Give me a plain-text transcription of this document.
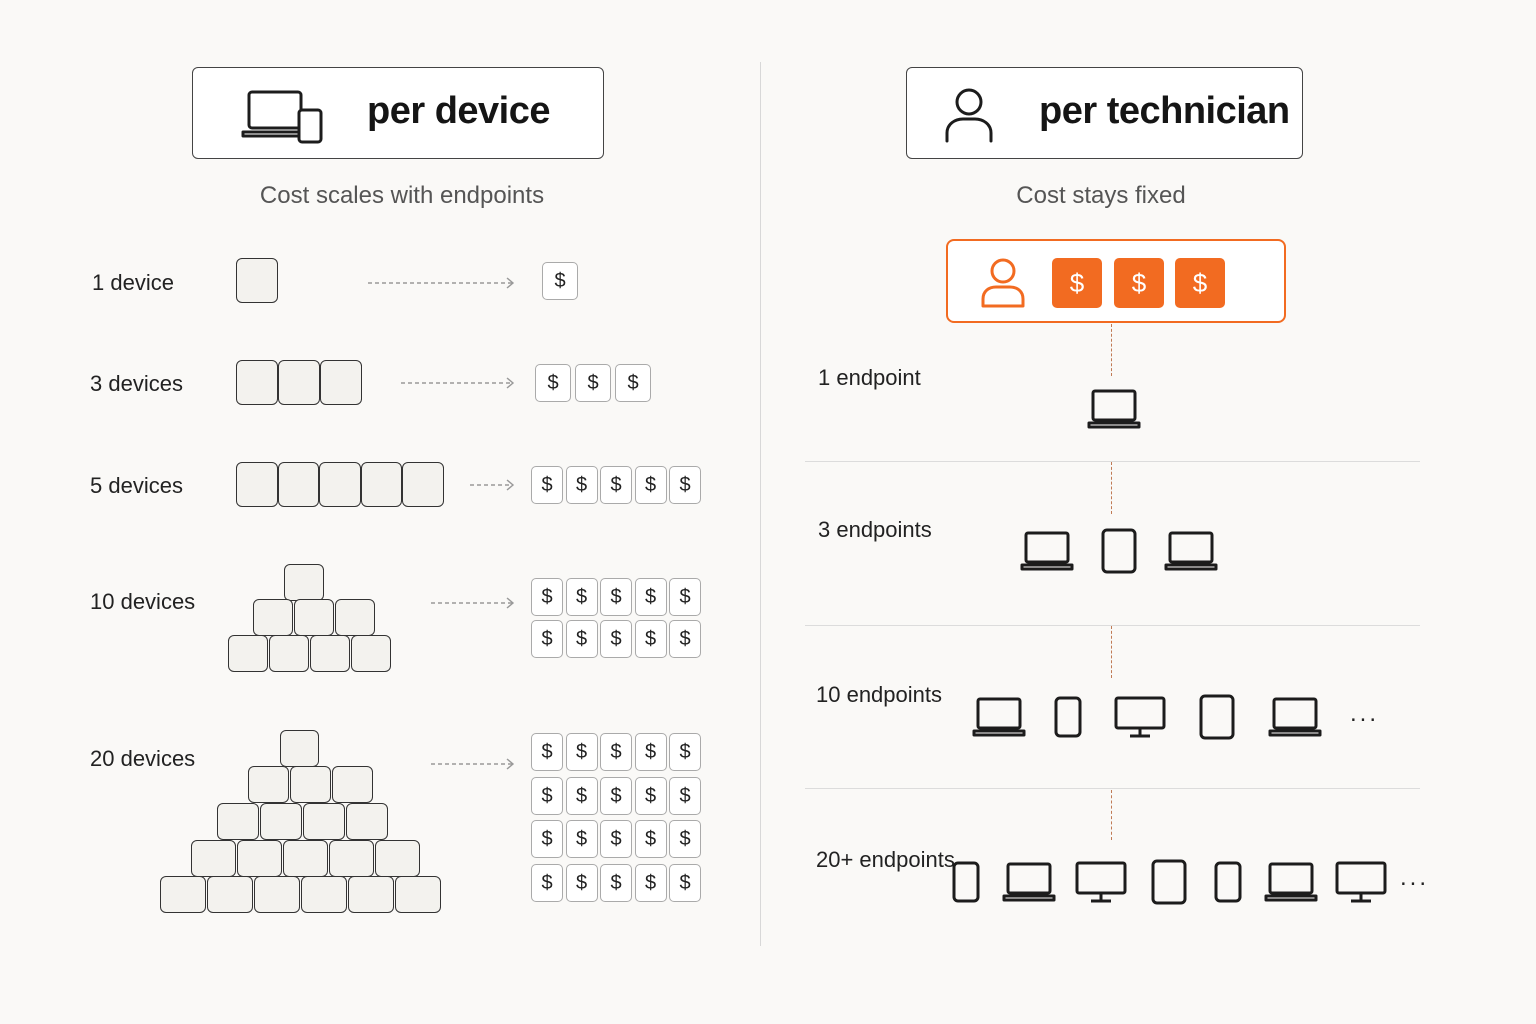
per device
Cost scales with endpoints
per technician
Cost stays fixed
1 device
3 devices
5 devices
10 devices
20 devices
$
$	$	$
$	$	$	$	$
$	$	$	$	$
$	$	$	$	$
$	$	$	$	$
$	$	$	$	$
$	$	$	$	$
$	$	$	$	$
$	$	$
1 endpoint
3 endpoints
10 endpoints
20+ endpoints
...
...
